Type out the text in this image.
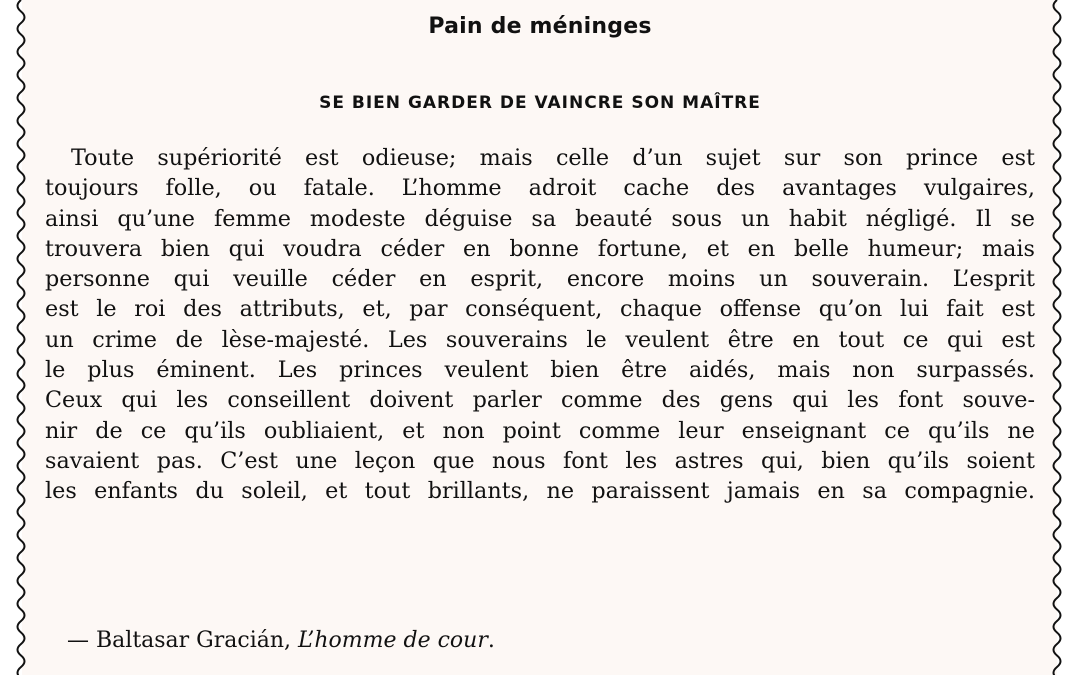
Pain de méninges
SE BIEN GARDER DE VAINCRE SON MAÎTRE
Toute supériorité est odieuse; mais celle d’un sujet sur son prince est
toujours folle, ou fatale. L’homme adroit cache des avantages vulgaires,
ainsi qu’une femme modeste déguise sa beauté sous un habit négligé. Il se
trouvera bien qui voudra céder en bonne fortune, et en belle humeur; mais
personne qui veuille céder en esprit, encore moins un souverain. L’esprit
est le roi des attributs, et, par conséquent, chaque offense qu’on lui fait est
un crime de lèse-majesté. Les souverains le veulent être en tout ce qui est
le plus éminent. Les princes veulent bien être aidés, mais non surpassés.
Ceux qui les conseillent doivent parler comme des gens qui les font souve-
nir de ce qu’ils oubliaient, et non point comme leur enseignant ce qu’ils ne
savaient pas. C’est une leçon que nous font les astres qui, bien qu’ils soient
les enfants du soleil, et tout brillants, ne paraissent jamais en sa compagnie.
— Baltasar Gracián, L’homme de cour.
